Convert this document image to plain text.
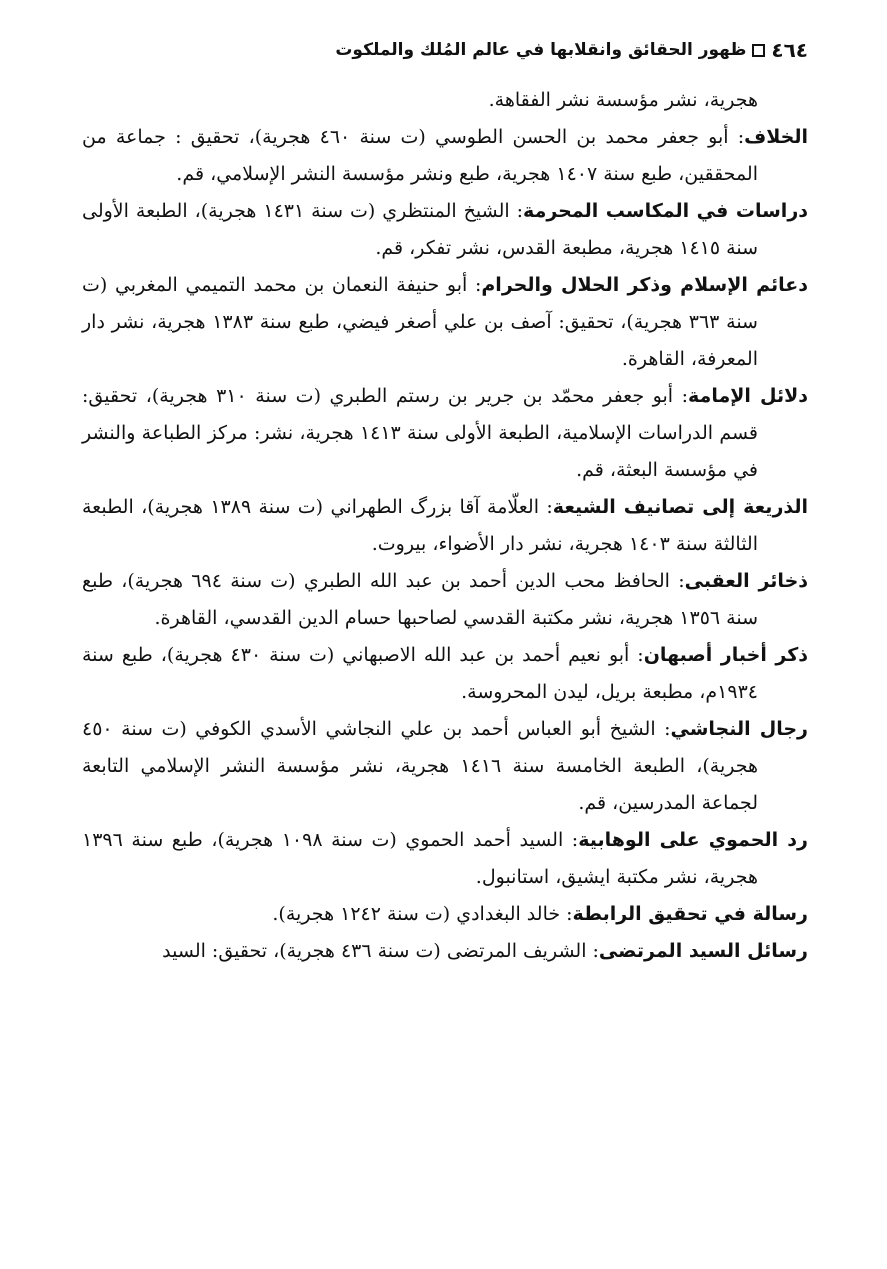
٤٦٤
ظهور الحقائق وانقلابها في عالم المُلك والملكوت

هجرية، نشر مؤسسة نشر الفقاهة.

الخلاف: أبو جعفر محمد بن الحسن الطوسي (ت سنة ٤٦٠ هجرية)، تحقيق : جماعة من المحققين، طبع سنة ١٤٠٧ هجرية، طبع ونشر مؤسسة النشر الإسلامي، قم.

دراسات في المكاسب المحرمة: الشيخ المنتظري (ت سنة ١٤٣١ هجرية)، الطبعة الأولى سنة ١٤١٥ هجرية، مطبعة القدس، نشر تفكر، قم.

دعائم الإسلام وذكر الحلال والحرام: أبو حنيفة النعمان بن محمد التميمي المغربي (ت سنة ٣٦٣ هجرية)، تحقيق: آصف بن علي أصغر فيضي، طبع سنة ١٣٨٣ هجرية، نشر دار المعرفة، القاهرة.

دلائل الإمامة: أبو جعفر محمّد بن جرير بن رستم الطبري (ت سنة ٣١٠ هجرية)، تحقيق: قسم الدراسات الإسلامية، الطبعة الأولى سنة ١٤١٣ هجرية، نشر: مركز الطباعة والنشر في مؤسسة البعثة، قم.

الذريعة إلى تصانيف الشيعة: العلّامة آقا بزرگ الطهراني (ت سنة ١٣٨٩ هجرية)، الطبعة الثالثة سنة ١٤٠٣ هجرية، نشر دار الأضواء، بيروت.

ذخائر العقبى: الحافظ محب الدين أحمد بن عبد الله الطبري (ت سنة ٦٩٤ هجرية)، طبع سنة ١٣٥٦ هجرية، نشر مكتبة القدسي لصاحبها حسام الدين القدسي، القاهرة.

ذكر أخبار أصبهان: أبو نعيم أحمد بن عبد الله الاصبهاني (ت سنة ٤٣٠ هجرية)، طبع سنة ١٩٣٤م، مطبعة بريل، ليدن المحروسة.

رجال النجاشي: الشيخ أبو العباس أحمد بن علي النجاشي الأسدي الكوفي (ت سنة ٤٥٠ هجرية)، الطبعة الخامسة سنة ١٤١٦ هجرية، نشر مؤسسة النشر الإسلامي التابعة لجماعة المدرسين، قم.

رد الحموي على الوهابية: السيد أحمد الحموي (ت سنة ١٠٩٨ هجرية)، طبع سنة ١٣٩٦ هجرية، نشر مكتبة ايشيق، استانبول.

رسالة في تحقيق الرابطة: خالد البغدادي (ت سنة ١٢٤٢ هجرية).

رسائل السيد المرتضى: الشريف المرتضى (ت سنة ٤٣٦ هجرية)، تحقيق: السيد
